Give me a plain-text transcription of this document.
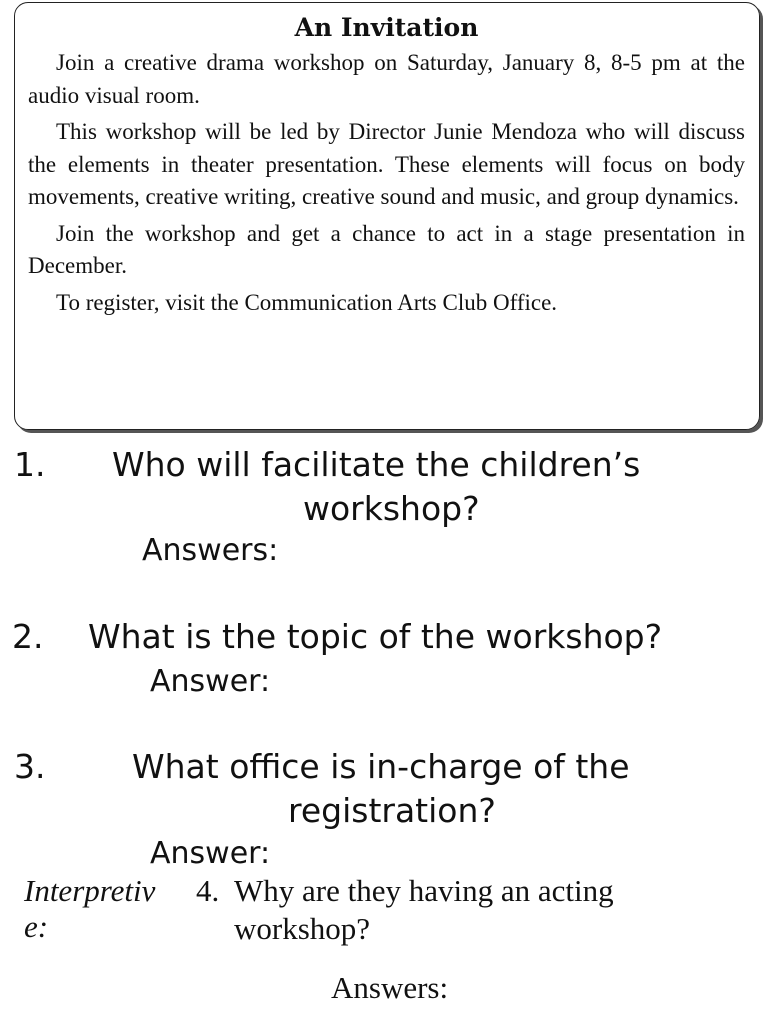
An Invitation

Join a creative drama workshop on Saturday, January 8, 8-5 pm at the audio visual room.

This workshop will be led by Director Junie Mendoza who will discuss the elements in theater presentation. These elements will focus on body movements, creative writing, creative sound and music, and group dynamics.

Join the workshop and get a chance to act in a stage presentation in December.

To register, visit the Communication Arts Club Office.

1. Who will facilitate the children’s
workshop?
Answers:
2. What is the topic of the workshop?
Answer:
3.	What office is in-charge of the
registration?
Answer:
Interpretiv
e:
4. Why are they having an acting
workshop?
Answers:
